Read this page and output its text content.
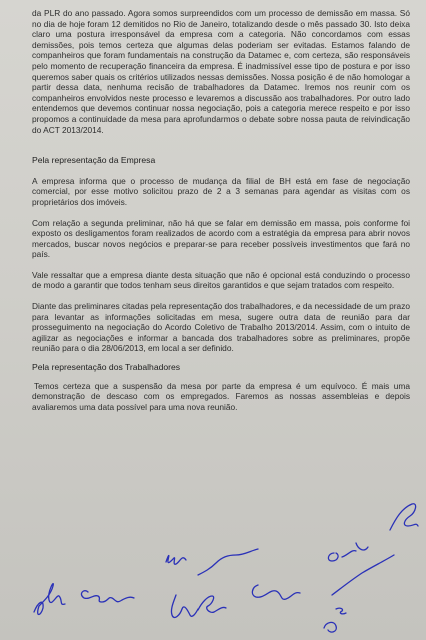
da PLR do ano passado. Agora somos surpreendidos com um processo de demissão em massa. Só no dia de hoje foram 12 demitidos no Rio de Janeiro, totalizando desde o mês passado 30. Isto deixa claro uma postura irresponsável da empresa com a categoria. Não concordamos com essas demissões, pois temos certeza que algumas delas poderiam ser evitadas. Estamos falando de companheiros que foram fundamentais na construção da Datamec e, com certeza, são responsáveis pelo momento de recuperação financeira da empresa. É inadmissível esse tipo de postura e por isso queremos saber quais os critérios utilizados nessas demissões. Nossa posição é de não homologar a partir dessa data, nenhuma recisão de trabalhadores da Datamec. Iremos nos reunir com os companheiros envolvidos neste processo e levaremos a discussão aos trabalhadores. Por outro lado entendemos que devemos continuar nossa negociação, pois a categoria merece respeito e por isso propomos a continuidade da mesa para aprofundarmos o debate sobre nossa pauta de reivindicação do ACT 2013/2014.

Pela representação da Empresa

A empresa informa que o processo de mudança da filial de BH está em fase de negociação comercial, por esse motivo solicitou prazo de 2 a 3 semanas para agendar as visitas com os proprietários dos imóveis.

Com relação a segunda preliminar, não há que se falar em demissão em massa, pois conforme foi exposto os desligamentos foram realizados de acordo com a estratégia da empresa para abrir novos mercados, buscar novos negócios e preparar-se para receber possíveis investimentos que fará no país.

Vale ressaltar que a empresa diante desta situação que não é opcional está conduzindo o processo de modo a garantir que todos tenham seus direitos garantidos e que sejam tratados com respeito.

Diante das preliminares citadas pela representação dos trabalhadores, e da necessidade de um prazo para levantar as informações solicitadas em mesa, sugere outra data de reunião para dar prosseguimento na negociação do Acordo Coletivo de Trabalho 2013/2014. Assim, com o intuito de agilizar as negociações e informar a bancada dos trabalhadores sobre as preliminares, propõe reunião para o dia 28/06/2013, em local a ser definido.

Pela representação dos Trabalhadores

Temos certeza que a suspensão da mesa por parte da empresa é um equívoco. É mais uma demonstração de descaso com os empregados. Faremos as nossas assembleias e depois avaliaremos uma data possível para uma nova reunião.
